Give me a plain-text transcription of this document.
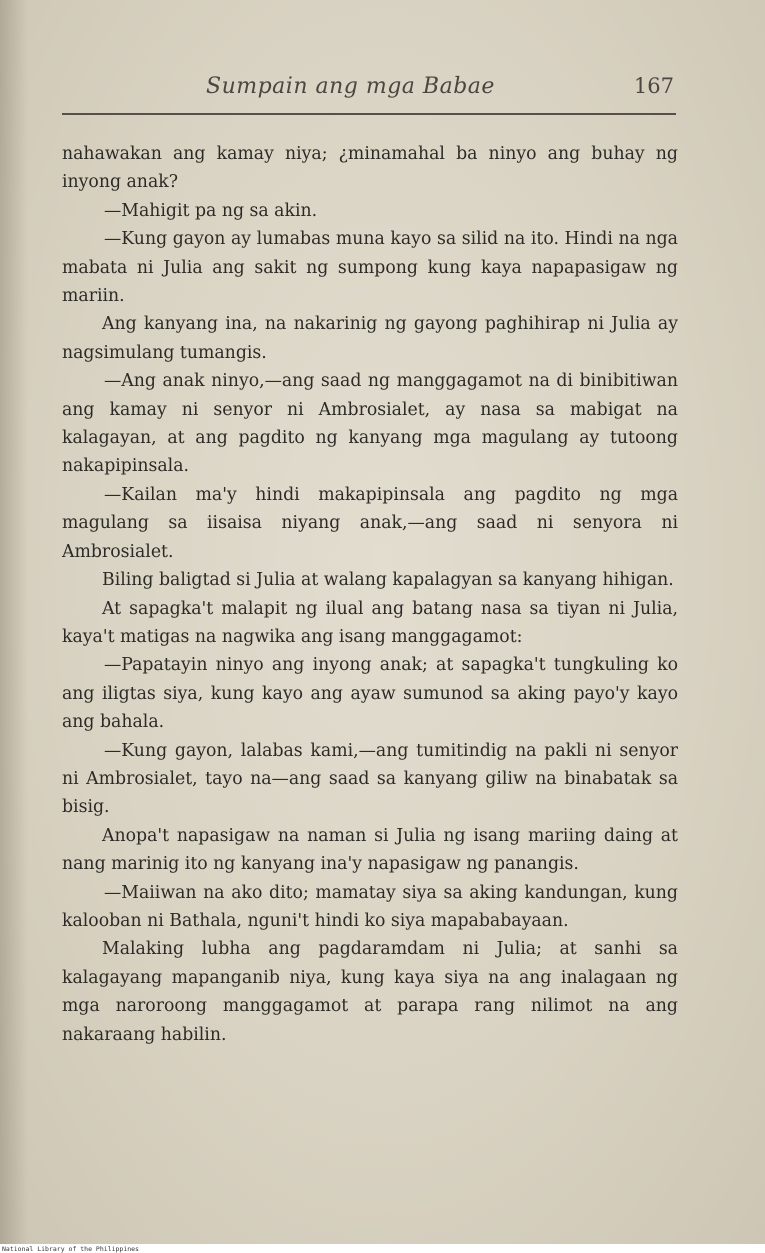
Sumpain ang mga Babae	167

nahawakan ang kamay niya; ¿minamahal ba ninyo ang buhay ng inyong anak?

—Mahigit pa ng sa akin.

—Kung gayon ay lumabas muna kayo sa silid na ito. Hindi na nga mabata ni Julia ang sakit ng sumpong kung kaya napapasigaw ng mariin.

Ang kanyang ina, na nakarinig ng gayong paghihirap ni Julia ay nagsimulang tumangis.

—Ang anak ninyo,—ang saad ng manggagamot na di binibitiwan ang kamay ni senyor ni Ambrosialet, ay nasa sa mabigat na kalagayan, at ang pagdito ng kanyang mga magulang ay tutoong nakapipinsala.

—Kailan ma'y hindi makapipinsala ang pagdito ng mga magulang sa iisaisa niyang anak,—ang saad ni senyora ni Ambrosialet.

Biling baligtad si Julia at walang kapalagyan sa kanyang hihigan.

At sapagka't malapit ng ilual ang batang nasa sa tiyan ni Julia, kaya't matigas na nagwika ang isang manggagamot:

—Papatayin ninyo ang inyong anak; at sapagka't tungkuling ko ang iligtas siya, kung kayo ang ayaw sumunod sa aking payo'y kayo ang bahala.

—Kung gayon, lalabas kami,—ang tumitindig na pakli ni senyor ni Ambrosialet, tayo na—ang saad sa kanyang giliw na binabatak sa bisig.

Anopa't napasigaw na naman si Julia ng isang mariing daing at nang marinig ito ng kanyang ina'y napasigaw ng panangis.

—Maiiwan na ako dito; mamatay siya sa aking kandungan, kung kalooban ni Bathala, nguni't hindi ko siya mapababayaan.

Malaking lubha ang pagdaramdam ni Julia; at sanhi sa kalagayang mapanganib niya, kung kaya siya na ang inalagaan ng mga naroroong manggagamot at parapa rang nilimot na ang nakaraang habilin.

National Library of the Philippines
